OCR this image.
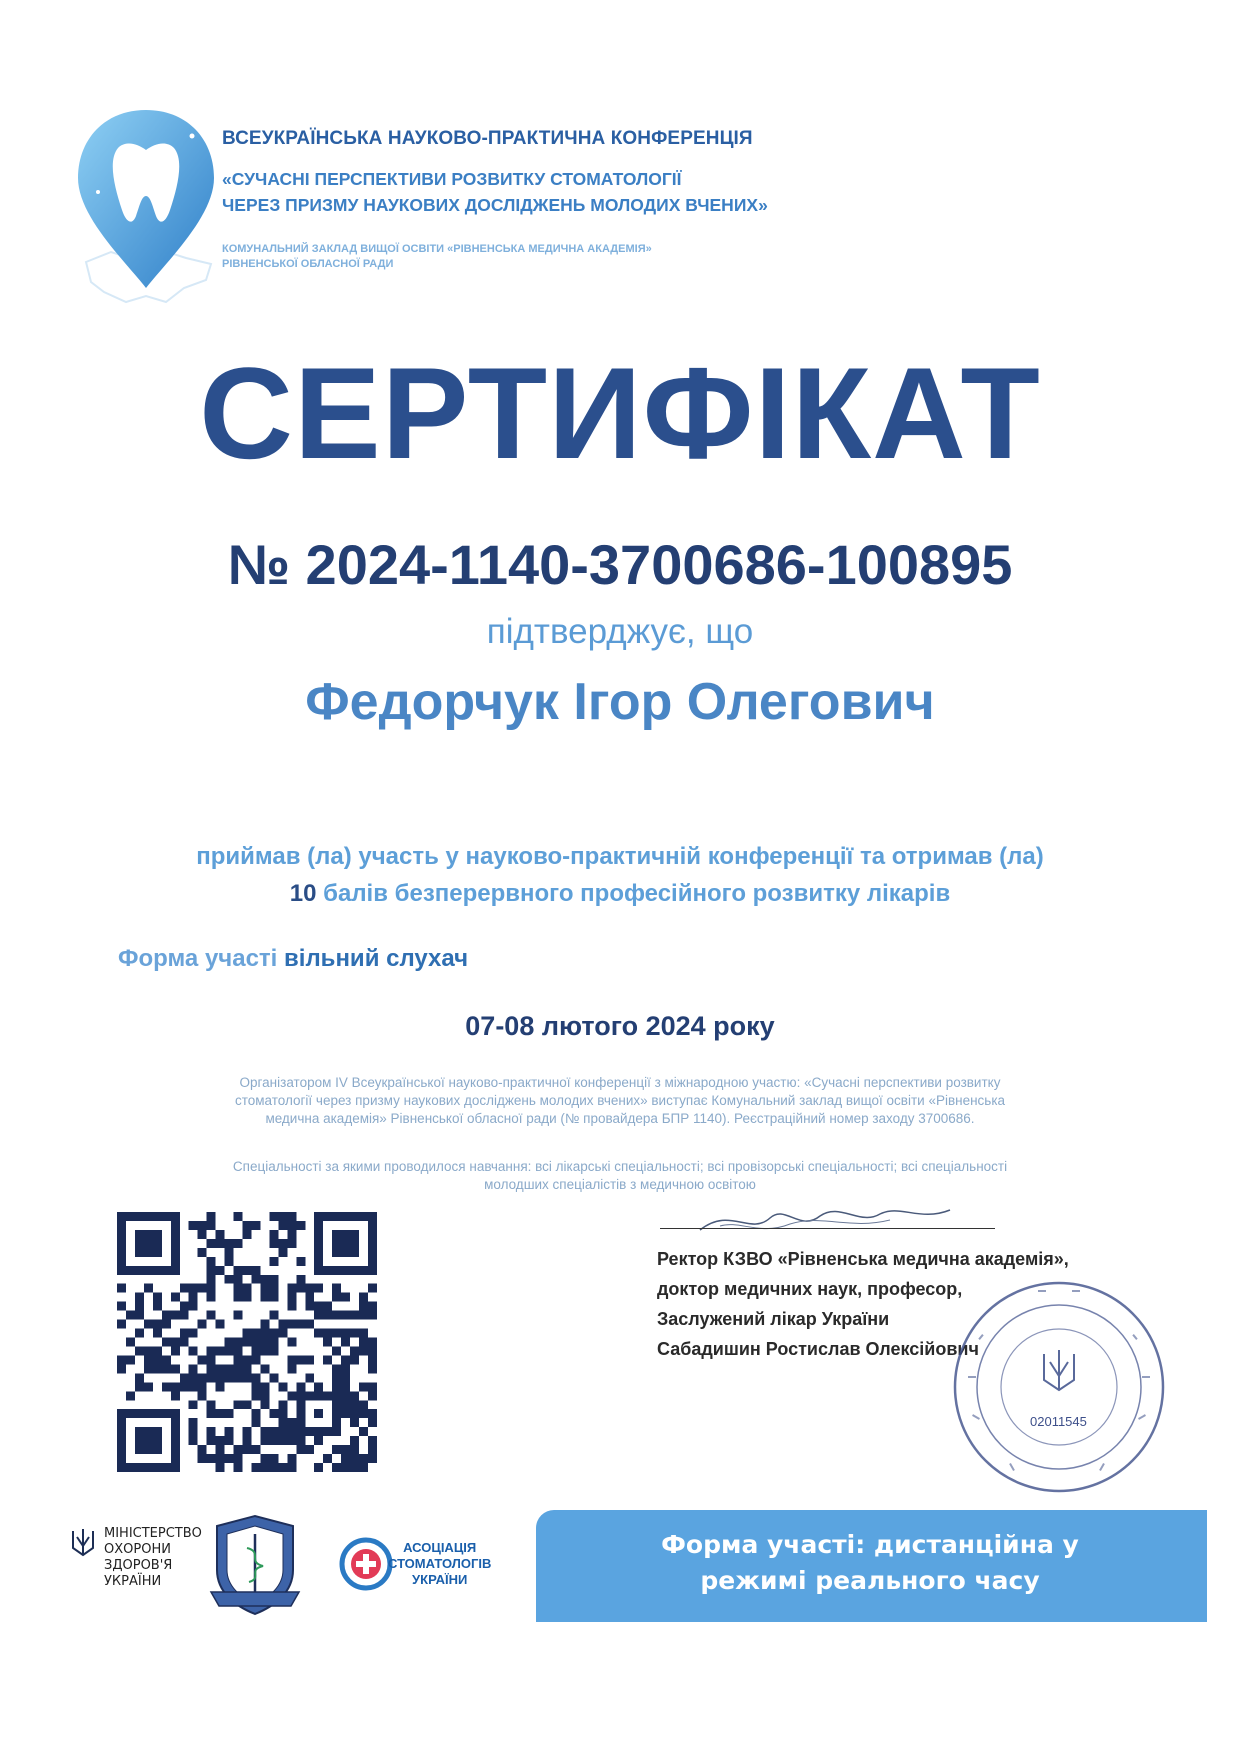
ВСЕУКРАЇНСЬКА НАУКОВО-ПРАКТИЧНА КОНФЕРЕНЦІЯ
«СУЧАСНІ ПЕРСПЕКТИВИ РОЗВИТКУ СТОМАТОЛОГІЇ
ЧЕРЕЗ ПРИЗМУ НАУКОВИХ ДОСЛІДЖЕНЬ МОЛОДИХ ВЧЕНИХ»
КОМУНАЛЬНИЙ ЗАКЛАД ВИЩОЇ ОСВІТИ «РІВНЕНСЬКА МЕДИЧНА АКАДЕМІЯ»
РІВНЕНСЬКОЇ ОБЛАСНОЇ РАДИ
СЕРТИФІКАТ
№ 2024-1140-3700686-100895
підтверджує, що
Федорчук Ігор Олегович
приймав (ла) участь у науково-практичній конференції та отримав (ла)
10 балів безперервного професійного розвитку лікарів
Форма участі вільний слухач
07-08 лютого 2024 року
Організатором IV Всеукраїнської науково-практичної конференції з міжнародною участю: «Сучасні перспективи розвитку
стоматології через призму наукових досліджень молодих вчених» виступає Комунальний заклад вищої освіти «Рівненська
медична академія» Рівненської обласної ради (№ провайдера БПР 1140). Реєстраційний номер заходу 3700686.
Спеціальності за якими проводилося навчання: всі лікарські спеціальності; всі провізорські спеціальності; всі спеціальності
молодших спеціалістів з медичною освітою
Ректор КЗВО «Рівненська медична академія»,
доктор медичних наук, професор,
Заслужений лікар України
Сабадишин Ростислав Олексійович
02011545
МІНІСТЕРСТВО
ОХОРОНИ
ЗДОРОВ'Я
УКРАЇНИ
АСОЦІАЦІЯ
СТОМАТОЛОГІВ
УКРАЇНИ
Форма участі: дистанційна у
режимі реального часу
